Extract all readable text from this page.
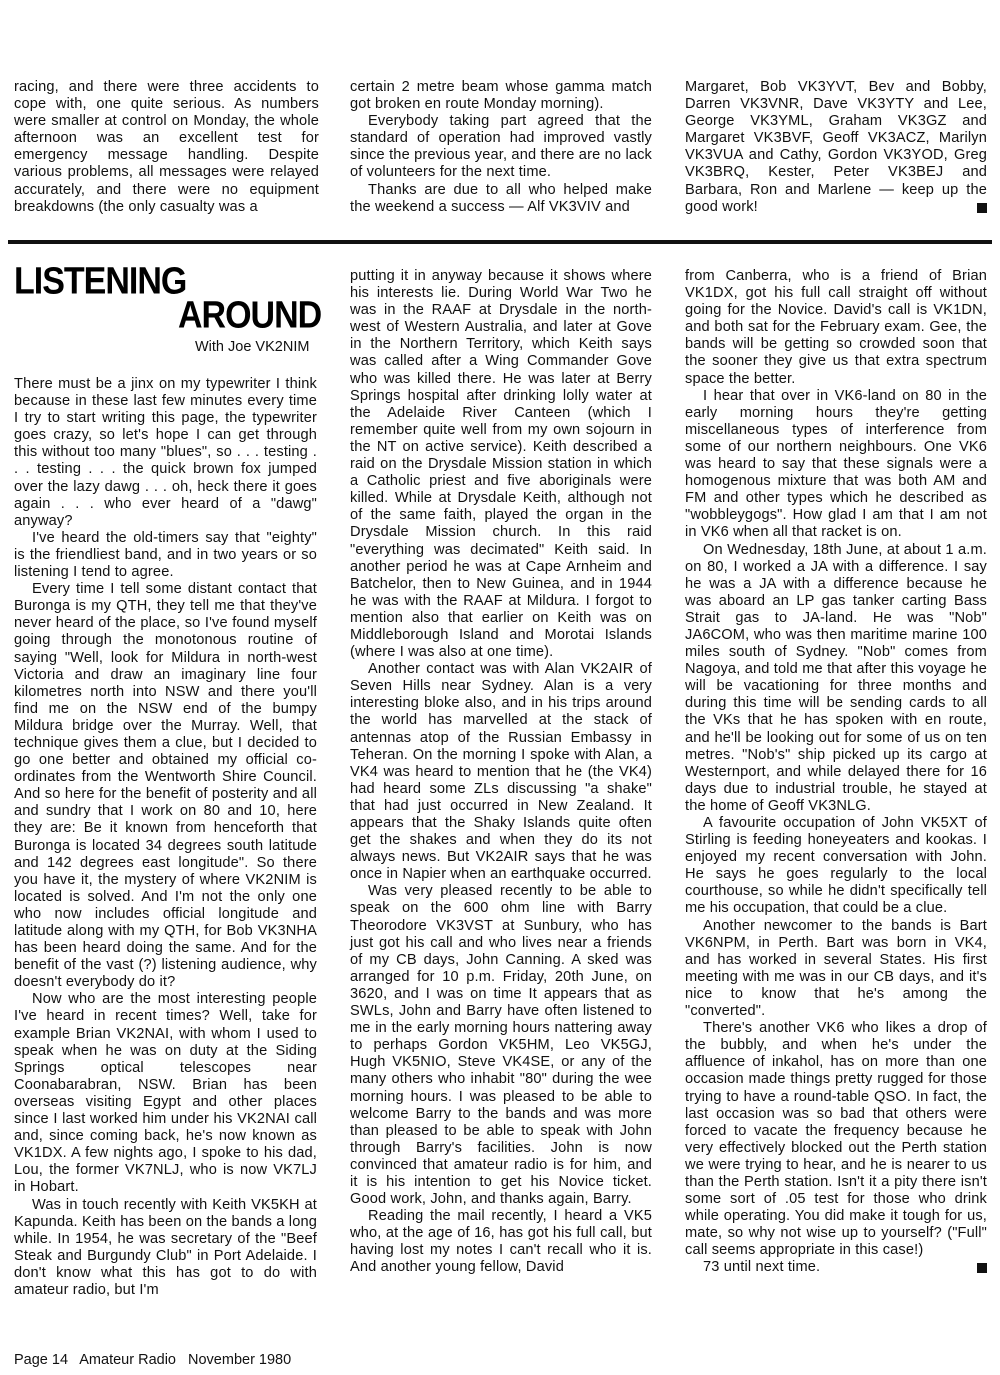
racing, and there were three accidents to cope with, one quite serious. As numbers were smaller at control on Monday, the whole afternoon was an excellent test for emergency message handling. Despite various problems, all messages were relayed accurately, and there were no equipment breakdowns (the only casualty was a

certain 2 metre beam whose gamma match got broken en route Monday morning).

Everybody taking part agreed that the standard of operation had improved vastly since the previous year, and there are no lack of volunteers for the next time.

Thanks are due to all who helped make the weekend a success — Alf VK3VIV and

Margaret, Bob VK3YVT, Bev and Bobby, Darren VK3VNR, Dave VK3YTY and Lee, George VK3YML, Graham VK3GZ and Margaret VK3BVF, Geoff VK3ACZ, Marilyn VK3VUA and Cathy, Gordon VK3YOD, Greg VK3BRQ, Kester, Peter VK3BEJ and Barbara, Ron and Marlene — keep up the good work!

LISTENING
AROUND
With Joe VK2NIM

There must be a jinx on my typewriter I think because in these last few minutes every time I try to start writing this page, the typewriter goes crazy, so let's hope I can get through this without too many "blues", so . . . testing . . . testing . . . the quick brown fox jumped over the lazy dawg . . . oh, heck there it goes again . . . who ever heard of a "dawg" anyway?

I've heard the old-timers say that "eighty" is the friendliest band, and in two years or so listening I tend to agree.

Every time I tell some distant contact that Buronga is my QTH, they tell me that they've never heard of the place, so I've found myself going through the monotonous routine of saying "Well, look for Mildura in north-west Victoria and draw an imaginary line four kilometres north into NSW and there you'll find me on the NSW end of the bumpy Mildura bridge over the Murray. Well, that technique gives them a clue, but I decided to go one better and obtained my official co-ordinates from the Wentworth Shire Council. And so here for the benefit of posterity and all and sundry that I work on 80 and 10, here they are: Be it known from henceforth that Buronga is located 34 degrees south latitude and 142 degrees east longitude". So there you have it, the mystery of where VK2NIM is located is solved. And I'm not the only one who now includes official longitude and latitude along with my QTH, for Bob VK3NHA has been heard doing the same. And for the benefit of the vast (?) listening audience, why doesn't everybody do it?

Now who are the most interesting people I've heard in recent times? Well, take for example Brian VK2NAI, with whom I used to speak when he was on duty at the Siding Springs optical telescopes near Coonabarabran, NSW. Brian has been overseas visiting Egypt and other places since I last worked him under his VK2NAI call and, since coming back, he's now known as VK1DX. A few nights ago, I spoke to his dad, Lou, the former VK7NLJ, who is now VK7LJ in Hobart.

Was in touch recently with Keith VK5KH at Kapunda. Keith has been on the bands a long while. In 1954, he was secretary of the "Beef Steak and Burgundy Club" in Port Adelaide. I don't know what this has got to do with amateur radio, but I'm

putting it in anyway because it shows where his interests lie. During World War Two he was in the RAAF at Drysdale in the north-west of Western Australia, and later at Gove in the Northern Territory, which Keith says was called after a Wing Commander Gove who was killed there. He was later at Berry Springs hospital after drinking lolly water at the Adelaide River Canteen (which I remember quite well from my own sojourn in the NT on active service). Keith described a raid on the Drysdale Mission station in which a Catholic priest and five aboriginals were killed. While at Drysdale Keith, although not of the same faith, played the organ in the Drysdale Mission church. In this raid "everything was decimated" Keith said. In another period he was at Cape Arnheim and Batchelor, then to New Guinea, and in 1944 he was with the RAAF at Mildura. I forgot to mention also that earlier on Keith was on Middleborough Island and Morotai Islands (where I was also at one time).

Another contact was with Alan VK2AIR of Seven Hills near Sydney. Alan is a very interesting bloke also, and in his trips around the world has marvelled at the stack of antennas atop of the Russian Embassy in Teheran. On the morning I spoke with Alan, a VK4 was heard to mention that he (the VK4) had heard some ZLs discussing "a shake" that had just occurred in New Zealand. It appears that the Shaky Islands quite often get the shakes and when they do its not always news. But VK2AIR says that he was once in Napier when an earthquake occurred.

Was very pleased recently to be able to speak on the 600 ohm line with Barry Theorodore VK3VST at Sunbury, who has just got his call and who lives near a friends of my CB days, John Canning. A sked was arranged for 10 p.m. Friday, 20th June, on 3620, and I was on time It appears that as SWLs, John and Barry have often listened to me in the early morning hours nattering away to perhaps Gordon VK5HM, Leo VK5GJ, Hugh VK5NIO, Steve VK4SE, or any of the many others who inhabit "80" during the wee morning hours. I was pleased to be able to welcome Barry to the bands and was more than pleased to be able to speak with John through Barry's facilities. John is now convinced that amateur radio is for him, and it is his intention to get his Novice ticket. Good work, John, and thanks again, Barry.

Reading the mail recently, I heard a VK5 who, at the age of 16, has got his full call, but having lost my notes I can't recall who it is. And another young fellow, David

from Canberra, who is a friend of Brian VK1DX, got his full call straight off without going for the Novice. David's call is VK1DN, and both sat for the February exam. Gee, the bands will be getting so crowded soon that the sooner they give us that extra spectrum space the better.

I hear that over in VK6-land on 80 in the early morning hours they're getting miscellaneous types of interference from some of our northern neighbours. One VK6 was heard to say that these signals were a homogenous mixture that was both AM and FM and other types which he described as "wobbleygogs". How glad I am that I am not in VK6 when all that racket is on.

On Wednesday, 18th June, at about 1 a.m. on 80, I worked a JA with a difference. I say he was a JA with a difference because he was aboard an LP gas tanker carting Bass Strait gas to JA-land. He was "Nob" JA6COM, who was then maritime marine 100 miles south of Sydney. "Nob" comes from Nagoya, and told me that after this voyage he will be vacationing for three months and during this time will be sending cards to all the VKs that he has spoken with en route, and he'll be looking out for some of us on ten metres. "Nob's" ship picked up its cargo at Westernport, and while delayed there for 16 days due to industrial trouble, he stayed at the home of Geoff VK3NLG.

A favourite occupation of John VK5XT of Stirling is feeding honeyeaters and kookas. I enjoyed my recent conversation with John. He says he goes regularly to the local courthouse, so while he didn't specifically tell me his occupation, that could be a clue.

Another newcomer to the bands is Bart VK6NPM, in Perth. Bart was born in VK4, and has worked in several States. His first meeting with me was in our CB days, and it's nice to know that he's among the "converted".

There's another VK6 who likes a drop of the bubbly, and when he's under the affluence of inkahol, has on more than one occasion made things pretty rugged for those trying to have a round-table QSO. In fact, the last occasion was so bad that others were forced to vacate the frequency because he very effectively blocked out the Perth station we were trying to hear, and he is nearer to us than the Perth station. Isn't it a pity there isn't some sort of .05 test for those who drink while operating. You did make it tough for us, mate, so why not wise up to yourself? ("Full" call seems appropriate in this case!)

73 until next time.

Page 14 Amateur Radio November 1980
